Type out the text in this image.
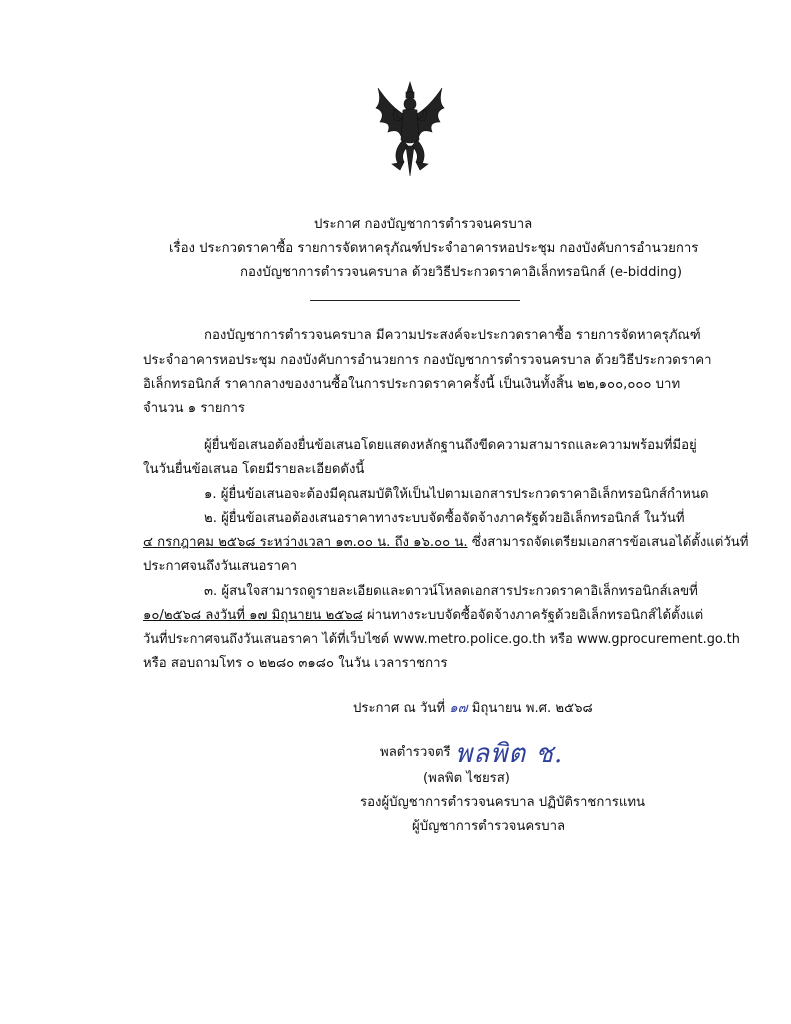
ประกาศ กองบัญชาการตำรวจนครบาล
เรื่อง ประกวดราคาซื้อ รายการจัดหาครุภัณฑ์ประจำอาคารหอประชุม กองบังคับการอำนวยการ
กองบัญชาการตำรวจนครบาล ด้วยวิธีประกวดราคาอิเล็กทรอนิกส์ (e-bidding)
กองบัญชาการตำรวจนครบาล มีความประสงค์จะประกวดราคาซื้อ รายการจัดหาครุภัณฑ์
ประจำอาคารหอประชุม กองบังคับการอำนวยการ กองบัญชาการตำรวจนครบาล ด้วยวิธีประกวดราคา
อิเล็กทรอนิกส์ ราคากลางของงานซื้อในการประกวดราคาครั้งนี้ เป็นเงินทั้งสิ้น ๒๒,๑๐๐,๐๐๐ บาท
จำนวน ๑ รายการ
ผู้ยื่นข้อเสนอต้องยื่นข้อเสนอโดยแสดงหลักฐานถึงขีดความสามารถและความพร้อมที่มีอยู่
ในวันยื่นข้อเสนอ โดยมีรายละเอียดดังนี้
๑. ผู้ยื่นข้อเสนอจะต้องมีคุณสมบัติให้เป็นไปตามเอกสารประกวดราคาอิเล็กทรอนิกส์กำหนด
๒. ผู้ยื่นข้อเสนอต้องเสนอราคาทางระบบจัดซื้อจัดจ้างภาครัฐด้วยอิเล็กทรอนิกส์ ในวันที่
๔ กรกฎาคม ๒๕๖๘ ระหว่างเวลา ๑๓.๐๐ น. ถึง ๑๖.๐๐ น. ซึ่งสามารถจัดเตรียมเอกสารข้อเสนอได้ตั้งแต่วันที่
ประกาศจนถึงวันเสนอราคา
๓. ผู้สนใจสามารถดูรายละเอียดและดาวน์โหลดเอกสารประกวดราคาอิเล็กทรอนิกส์เลขที่
๑๐/๒๕๖๘ ลงวันที่ ๑๗ มิถุนายน ๒๕๖๘ ผ่านทางระบบจัดซื้อจัดจ้างภาครัฐด้วยอิเล็กทรอนิกส์ได้ตั้งแต่
วันที่ประกาศจนถึงวันเสนอราคา ได้ที่เว็บไซต์ www.metro.police.go.th หรือ www.gprocurement.go.th
หรือ สอบถามโทร ๐ ๒๒๘๐ ๓๑๘๐ ในวัน เวลาราชการ
ประกาศ ณ วันที่ ๑๗ มิถุนายน พ.ศ. ๒๕๖๘
พลตำรวจตรี พลพิต ช.
(พลพิต ไชยรส)
รองผู้บัญชาการตำรวจนครบาล ปฏิบัติราชการแทน
ผู้บัญชาการตำรวจนครบาล
